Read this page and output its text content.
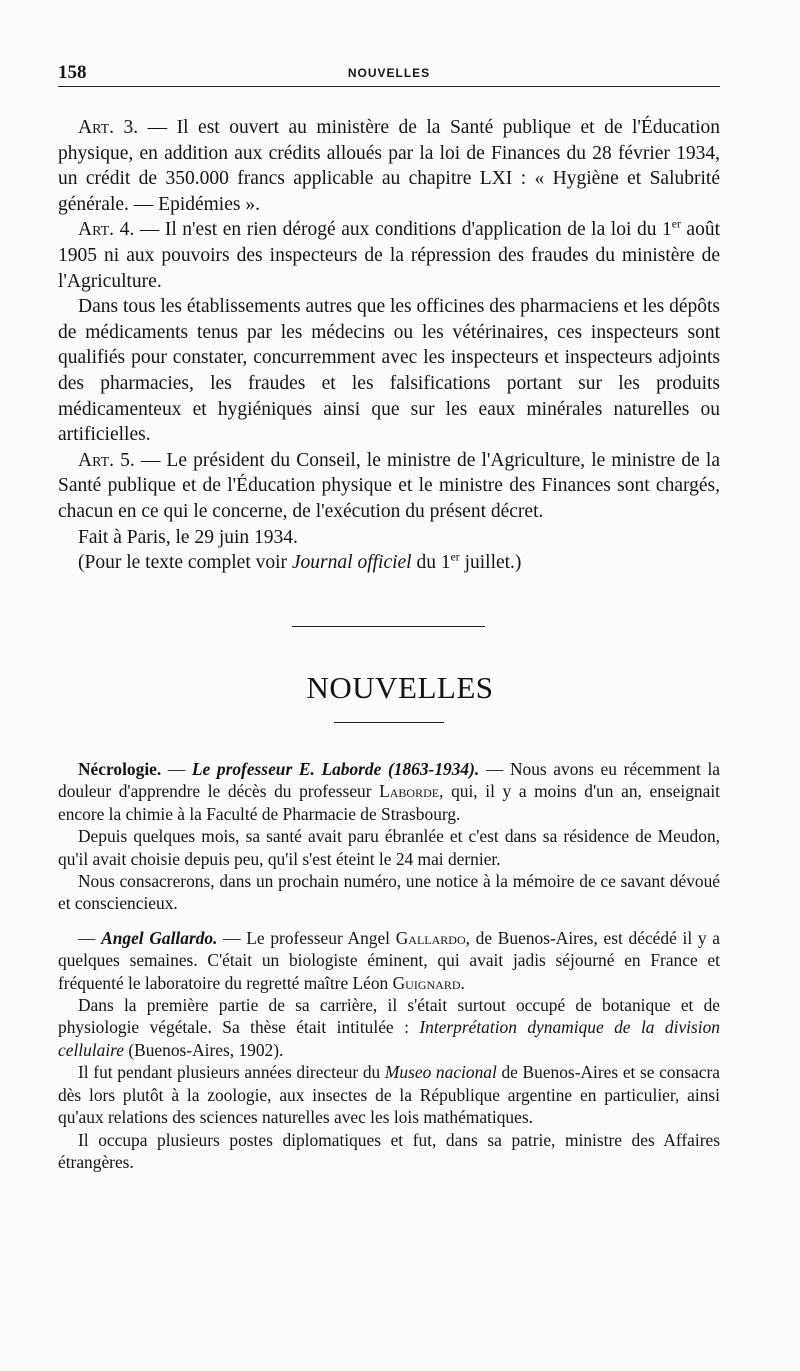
158	NOUVELLES

Art. 3. — Il est ouvert au ministère de la Santé publique et de l'Éducation physique, en addition aux crédits alloués par la loi de Finances du 28 février 1934, un crédit de 350.000 francs applicable au chapitre LXI : « Hygiène et Salubrité générale. — Epidémies ».

Art. 4. — Il n'est en rien dérogé aux conditions d'application de la loi du 1er août 1905 ni aux pouvoirs des inspecteurs de la répression des fraudes du ministère de l'Agriculture.

Dans tous les établissements autres que les officines des pharmaciens et les dépôts de médicaments tenus par les médecins ou les vétérinaires, ces inspecteurs sont qualifiés pour constater, concurremment avec les inspecteurs et inspecteurs adjoints des pharmacies, les fraudes et les falsifications portant sur les produits médicamenteux et hygiéniques ainsi que sur les eaux minérales naturelles ou artificielles.

Art. 5. — Le président du Conseil, le ministre de l'Agriculture, le ministre de la Santé publique et de l'Éducation physique et le ministre des Finances sont chargés, chacun en ce qui le concerne, de l'exécution du présent décret.

Fait à Paris, le 29 juin 1934.

(Pour le texte complet voir Journal officiel du 1er juillet.)

NOUVELLES

Nécrologie. — Le professeur E. Laborde (1863-1934). — Nous avons eu récemment la douleur d'apprendre le décès du professeur Laborde, qui, il y a moins d'un an, enseignait encore la chimie à la Faculté de Pharmacie de Strasbourg.

Depuis quelques mois, sa santé avait paru ébranlée et c'est dans sa résidence de Meudon, qu'il avait choisie depuis peu, qu'il s'est éteint le 24 mai dernier.

Nous consacrerons, dans un prochain numéro, une notice à la mémoire de ce savant dévoué et consciencieux.

— Angel Gallardo. — Le professeur Angel Gallardo, de Buenos-Aires, est décédé il y a quelques semaines. C'était un biologiste éminent, qui avait jadis séjourné en France et fréquenté le laboratoire du regretté maître Léon Guignard.

Dans la première partie de sa carrière, il s'était surtout occupé de botanique et de physiologie végétale. Sa thèse était intitulée : Interprétation dynamique de la division cellulaire (Buenos-Aires, 1902).

Il fut pendant plusieurs années directeur du Museo nacional de Buenos-Aires et se consacra dès lors plutôt à la zoologie, aux insectes de la République argentine en particulier, ainsi qu'aux relations des sciences naturelles avec les lois mathématiques.

Il occupa plusieurs postes diplomatiques et fut, dans sa patrie, ministre des Affaires étrangères.
